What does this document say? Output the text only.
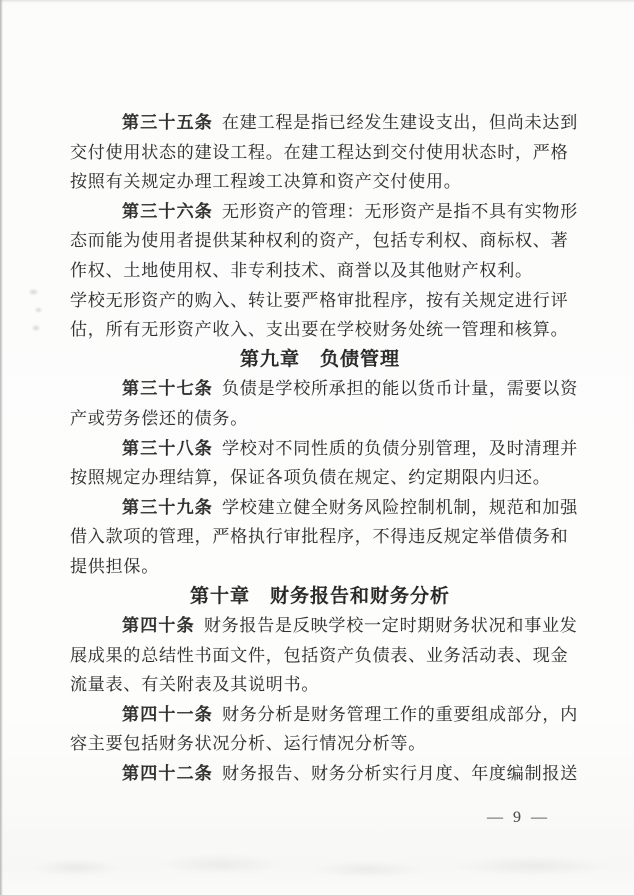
第三十五条 在建工程是指已经发生建设支出，但尚未达到
交付使用状态的建设工程。在建工程达到交付使用状态时，严格
按照有关规定办理工程竣工决算和资产交付使用。
第三十六条 无形资产的管理：无形资产是指不具有实物形
态而能为使用者提供某种权利的资产，包括专利权、商标权、著
作权、土地使用权、非专利技术、商誉以及其他财产权利。
学校无形资产的购入、转让要严格审批程序，按有关规定进行评
估，所有无形资产收入、支出要在学校财务处统一管理和核算。
第九章　负债管理
第三十七条 负债是学校所承担的能以货币计量，需要以资
产或劳务偿还的债务。
第三十八条 学校对不同性质的负债分别管理，及时清理并
按照规定办理结算，保证各项负债在规定、约定期限内归还。
第三十九条 学校建立健全财务风险控制机制，规范和加强
借入款项的管理，严格执行审批程序，不得违反规定举借债务和
提供担保。
第十章　财务报告和财务分析
第四十条 财务报告是反映学校一定时期财务状况和事业发
展成果的总结性书面文件，包括资产负债表、业务活动表、现金
流量表、有关附表及其说明书。
第四十一条 财务分析是财务管理工作的重要组成部分，内
容主要包括财务状况分析、运行情况分析等。
第四十二条 财务报告、财务分析实行月度、年度编制报送
— 9 —
